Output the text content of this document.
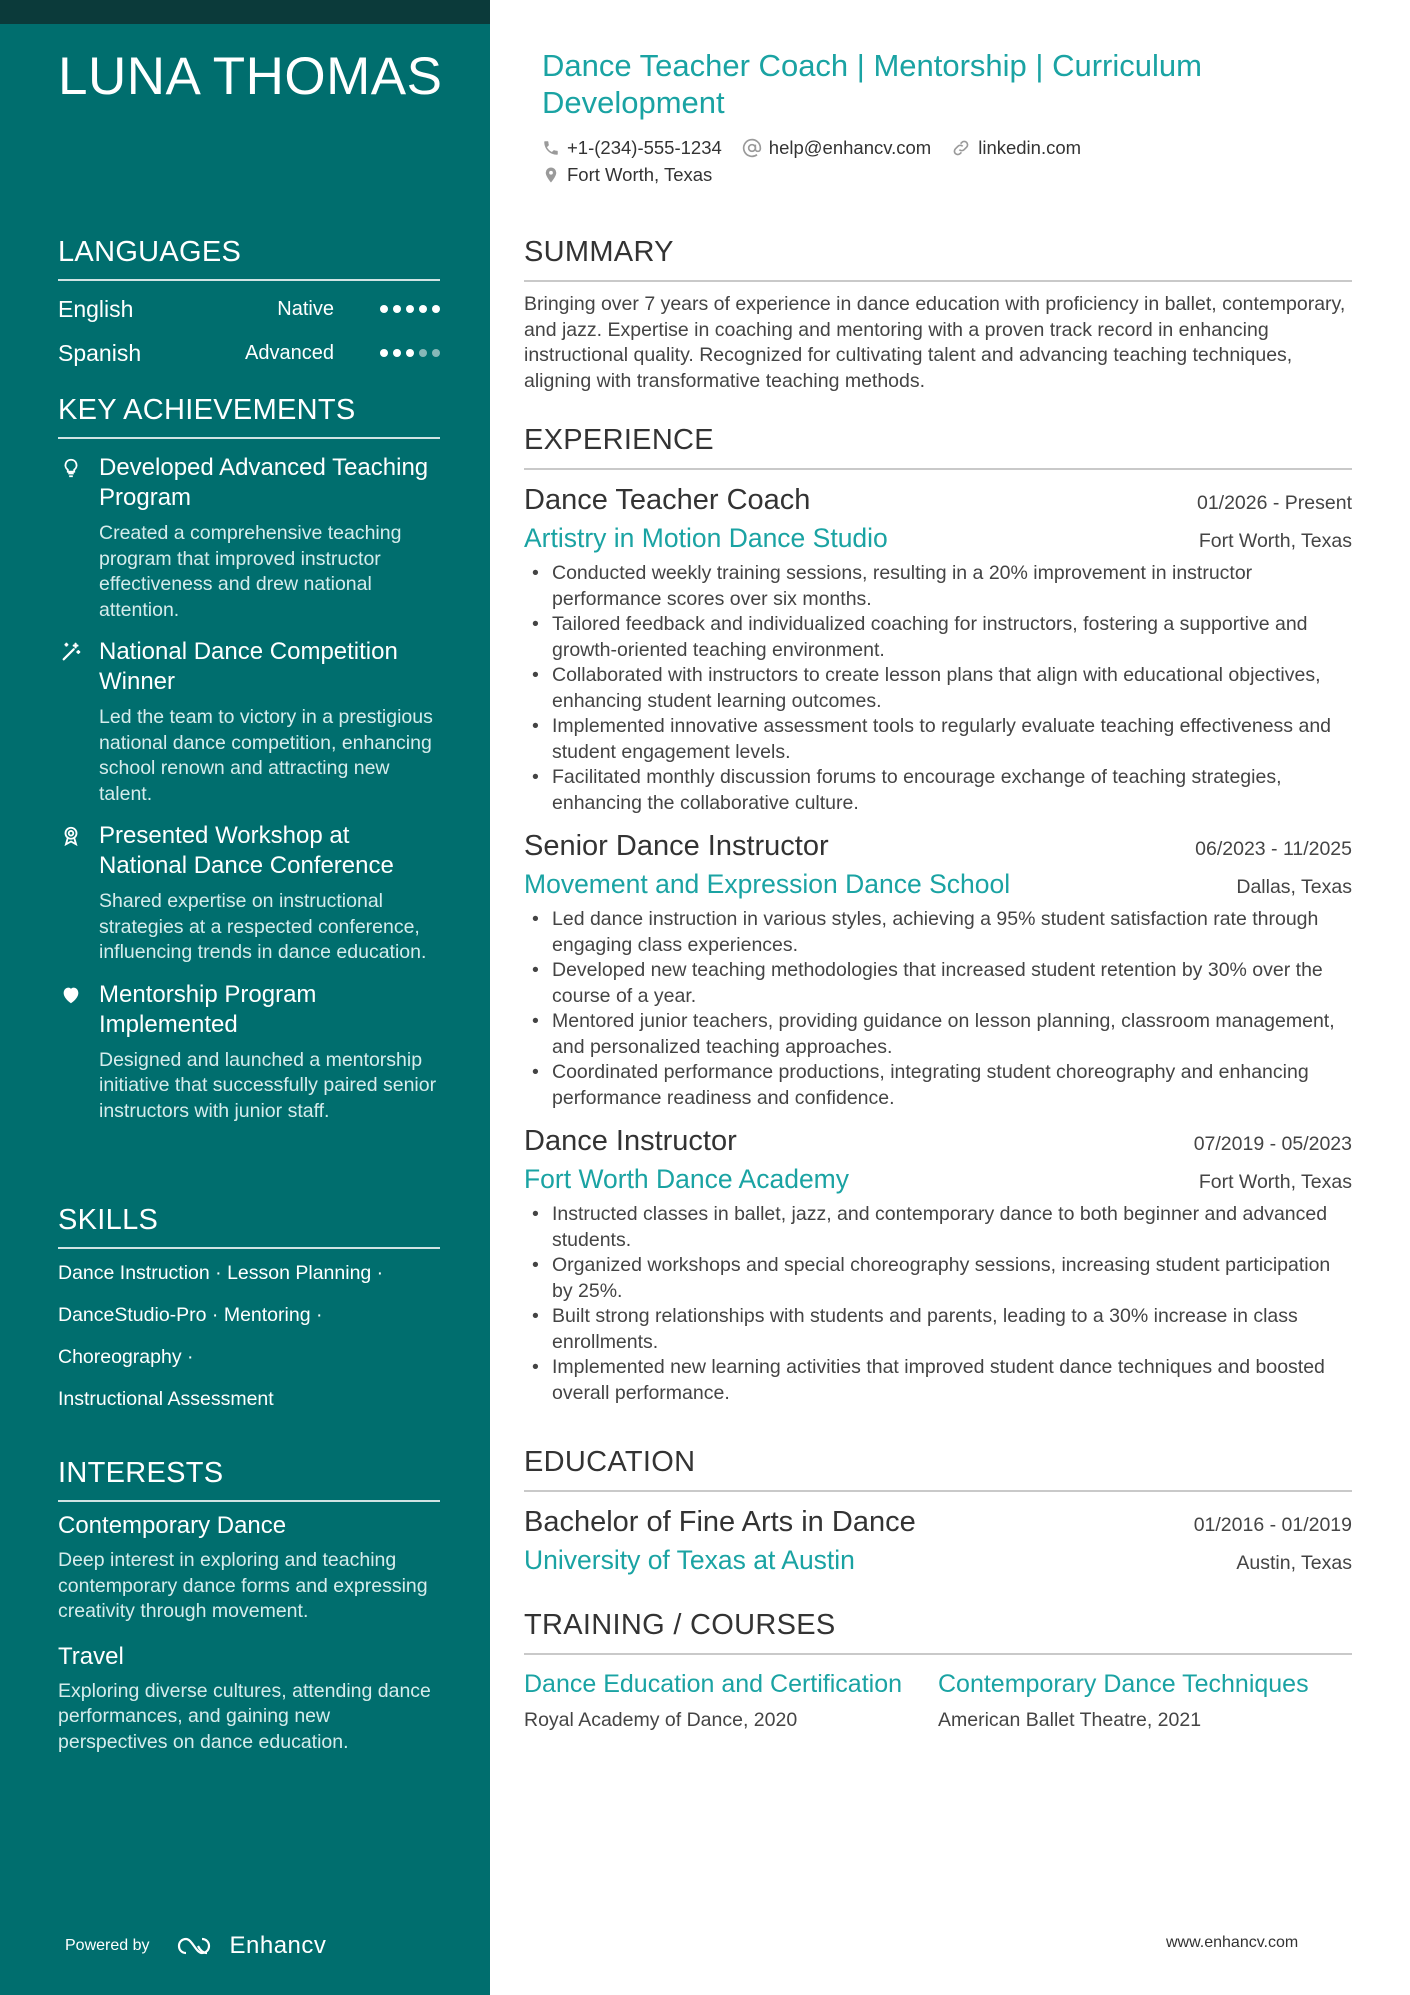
LUNA THOMAS
LANGUAGES
English	Native
Spanish	Advanced
KEY ACHIEVEMENTS
Developed Advanced Teaching Program
Created a comprehensive teaching program that improved instructor effectiveness and drew national attention.
National Dance Competition Winner
Led the team to victory in a prestigious national dance competition, enhancing school renown and attracting new talent.
Presented Workshop at National Dance Conference
Shared expertise on instructional strategies at a respected conference, influencing trends in dance education.
Mentorship Program Implemented
Designed and launched a mentorship initiative that successfully paired senior instructors with junior staff.
SKILLS
Dance Instruction · Lesson Planning ·
DanceStudio-Pro · Mentoring ·
Choreography ·
Instructional Assessment
INTERESTS
Contemporary Dance
Deep interest in exploring and teaching contemporary dance forms and expressing creativity through movement.
Travel
Exploring diverse cultures, attending dance performances, and gaining new perspectives on dance education.
Powered by	Enhancv
Dance Teacher Coach | Mentorship | Curriculum Development
+1-(234)-555-1234	help@enhancv.com	linkedin.com
Fort Worth, Texas
SUMMARY
Bringing over 7 years of experience in dance education with proficiency in ballet, contemporary, and jazz. Expertise in coaching and mentoring with a proven track record in enhancing instructional quality. Recognized for cultivating talent and advancing teaching techniques, aligning with transformative teaching methods.
EXPERIENCE
Dance Teacher Coach	01/2026 - Present
Artistry in Motion Dance Studio	Fort Worth, Texas
• Conducted weekly training sessions, resulting in a 20% improvement in instructor performance scores over six months.
• Tailored feedback and individualized coaching for instructors, fostering a supportive and growth-oriented teaching environment.
• Collaborated with instructors to create lesson plans that align with educational objectives, enhancing student learning outcomes.
• Implemented innovative assessment tools to regularly evaluate teaching effectiveness and student engagement levels.
• Facilitated monthly discussion forums to encourage exchange of teaching strategies, enhancing the collaborative culture.
Senior Dance Instructor	06/2023 - 11/2025
Movement and Expression Dance School	Dallas, Texas
• Led dance instruction in various styles, achieving a 95% student satisfaction rate through engaging class experiences.
• Developed new teaching methodologies that increased student retention by 30% over the course of a year.
• Mentored junior teachers, providing guidance on lesson planning, classroom management, and personalized teaching approaches.
• Coordinated performance productions, integrating student choreography and enhancing performance readiness and confidence.
Dance Instructor	07/2019 - 05/2023
Fort Worth Dance Academy	Fort Worth, Texas
• Instructed classes in ballet, jazz, and contemporary dance to both beginner and advanced students.
• Organized workshops and special choreography sessions, increasing student participation by 25%.
• Built strong relationships with students and parents, leading to a 30% increase in class enrollments.
• Implemented new learning activities that improved student dance techniques and boosted overall performance.
EDUCATION
Bachelor of Fine Arts in Dance	01/2016 - 01/2019
University of Texas at Austin	Austin, Texas
TRAINING / COURSES
Dance Education and Certification
Royal Academy of Dance, 2020
Contemporary Dance Techniques
American Ballet Theatre, 2021
www.enhancv.com
